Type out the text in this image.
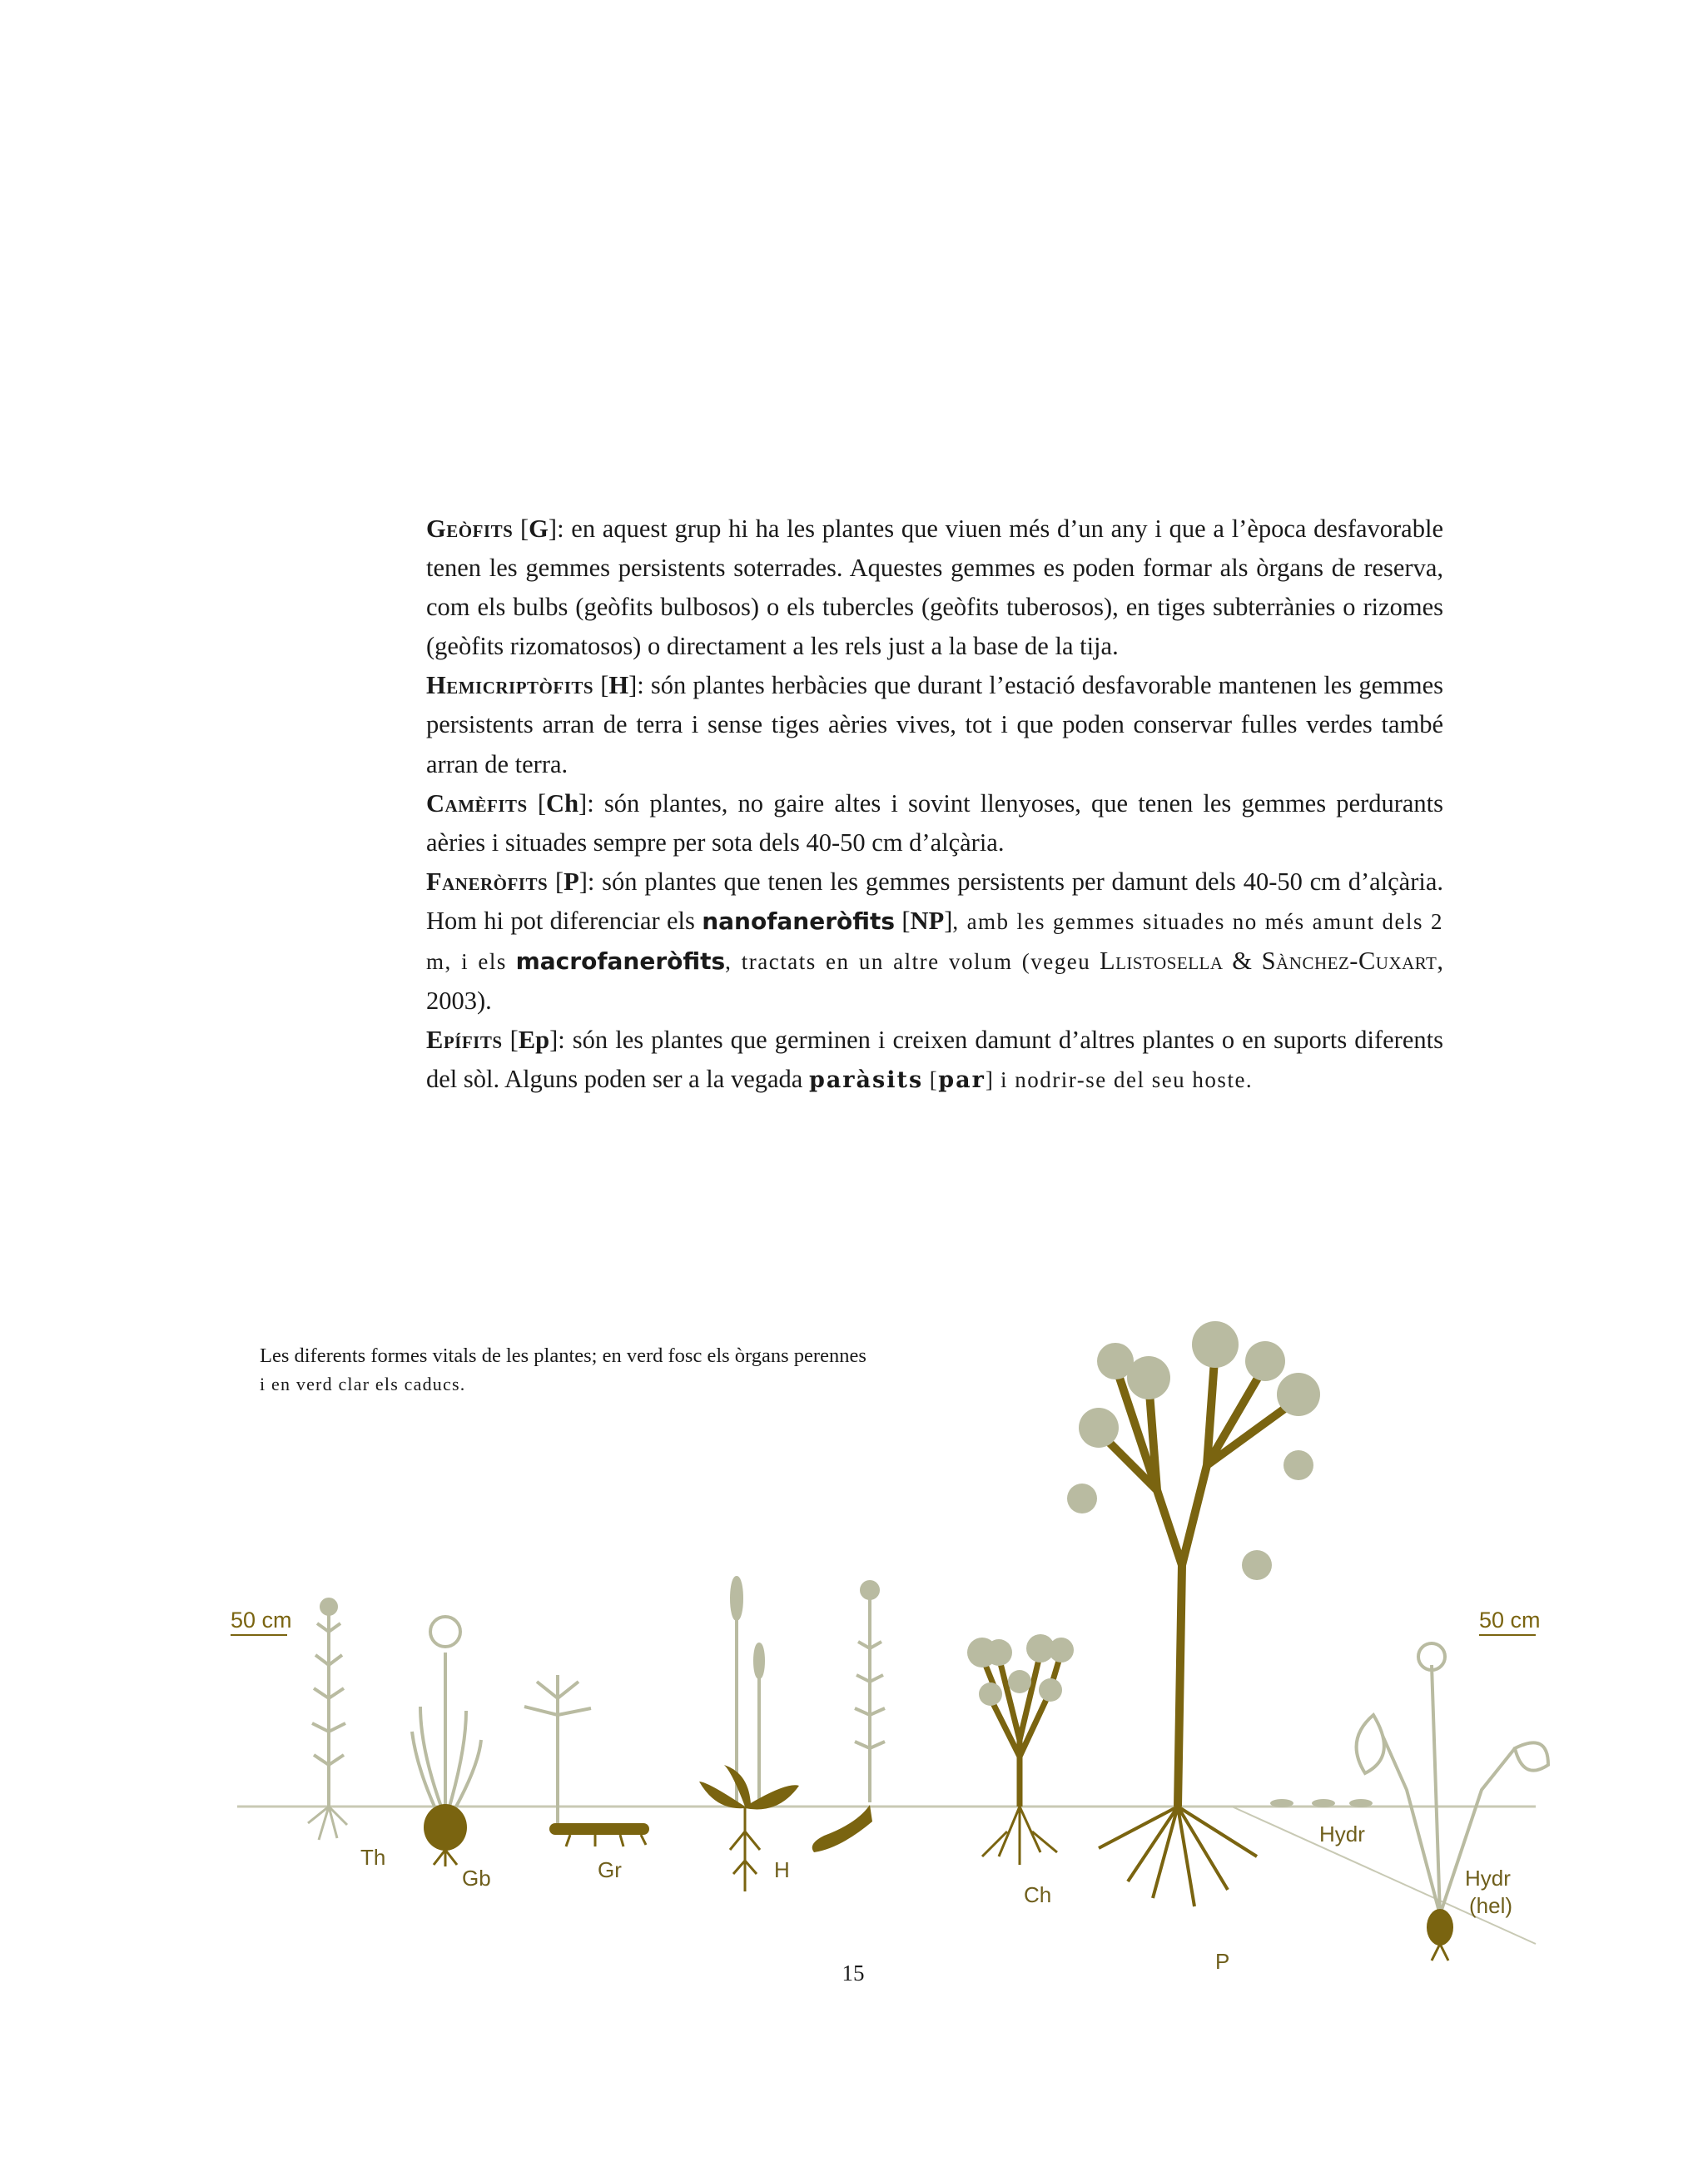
Geòfits [G]: en aquest grup hi ha les plantes que viuen més d’un any i que a l’època desfavorable tenen les gemmes persistents soterrades. Aquestes gemmes es poden formar als òrgans de reserva, com els bulbs (geòfits bulbosos) o els tubercles (geòfits tuberosos), en tiges subterrànies o rizomes (geòfits rizomatosos) o directament a les rels just a la base de la tija.

Hemicriptòfits [H]: són plantes herbàcies que durant l’estació desfavorable mantenen les gemmes persistents arran de terra i sense tiges aèries vives, tot i que poden conservar fulles verdes també arran de terra.

Camèfits [Ch]: són plantes, no gaire altes i sovint llenyoses, que tenen les gemmes perdurants aèries i situades sempre per sota dels 40-50 cm d’alçària.

Faneròfits [P]: són plantes que tenen les gemmes persistents per damunt dels 40-50 cm d’alçària. Hom hi pot diferenciar els nanofaneròfits [NP], amb les gemmes situades no més amunt dels 2 m, i els macrofaneròfits, tractats en un altre volum (vegeu Llistosella & Sànchez-Cuxart, 2003).

Epífits [Ep]: són les plantes que germinen i creixen damunt d’altres plantes o en suports diferents del sòl. Alguns poden ser a la vegada paràsits [par] i nodrir-se del seu hoste.

Les diferents formes vitals de les plantes; en verd fosc els òrgans perennes
i en verd clar els caducs.

50 cm	50 cm
Th
Gb	Gr	H
Ch
P
Hydr
Hydr
(hel)
15
